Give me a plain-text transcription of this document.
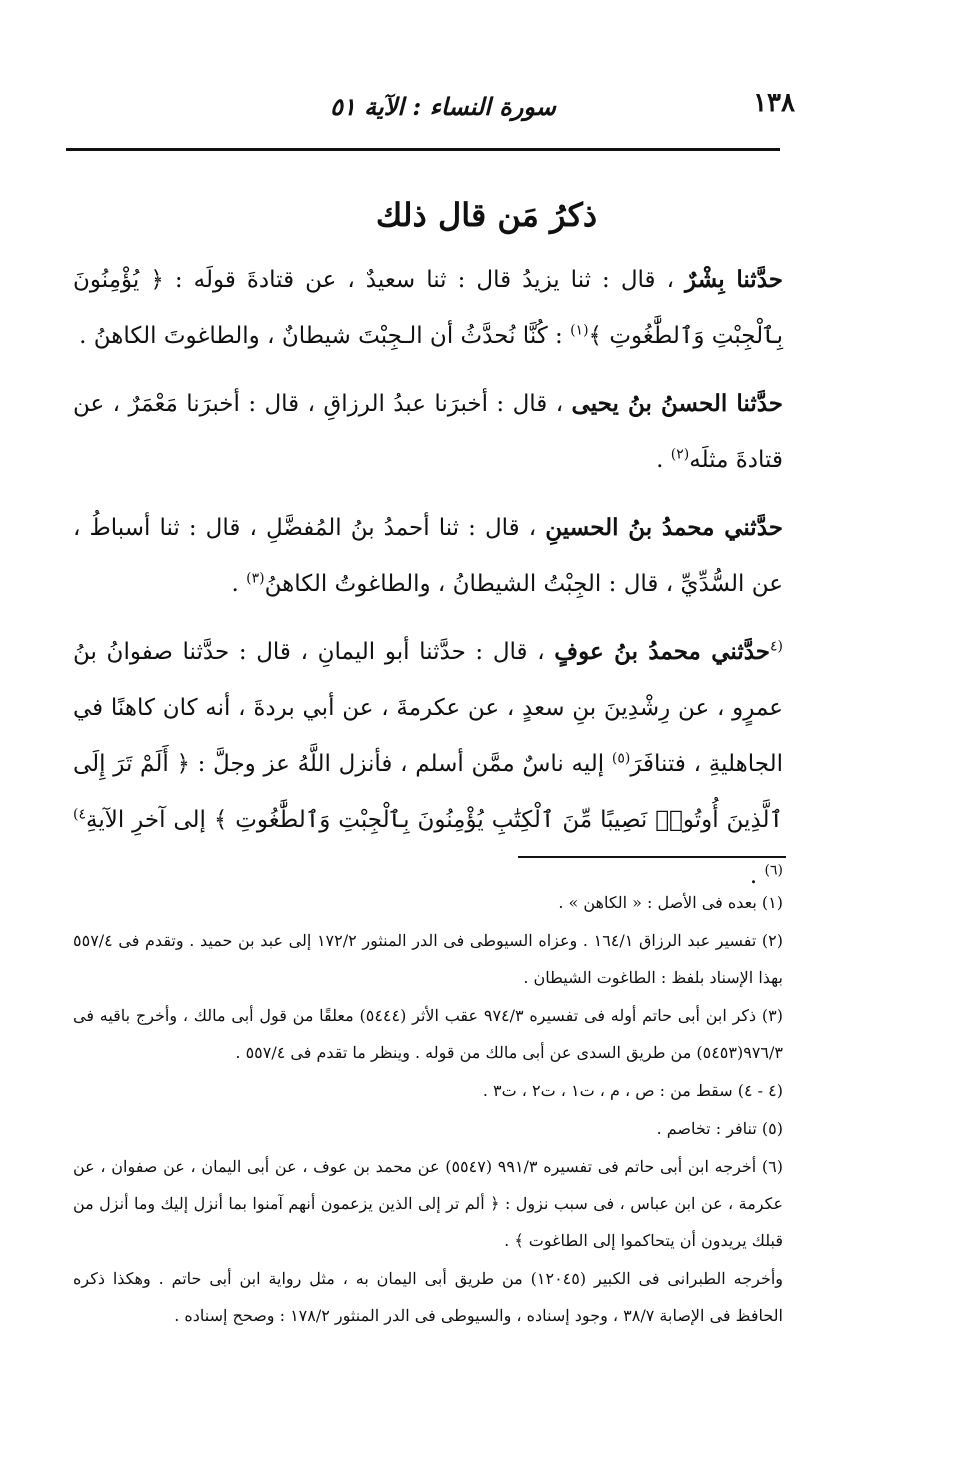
١٣٨
سورة النساء : الآية ٥١
ذكرُ مَن قال ذلك

حدَّثنا بِشْرٌ ، قال : ثنا يزيدُ قال : ثنا سعيدٌ ، عن قتادةَ قولَه : ﴿ يُؤْمِنُونَ بِٱلْجِبْتِ وَٱلطَّٰغُوتِ ﴾$^{(١)}$ : كُنَّا نُحدَّثُ أن الـجِبْتَ شيطانٌ ، والطاغوتَ الكاهنُ .

حدَّثنا الحسنُ بنُ يحيى ، قال : أخبرَنا عبدُ الرزاقِ ، قال : أخبرَنا مَعْمَرٌ ، عن قتادةَ مثلَه$^{(٢)}$ .

حدَّثني محمدُ بنُ الحسينِ ، قال : ثنا أحمدُ بنُ المُفضَّلِ ، قال : ثنا أسباطُ ، عن السُّدِّيِّ ، قال : الجِبْتُ الشيطانُ ، والطاغوتُ الكاهنُ$^{(٣)}$ .

$^{(٤}$حدَّثني محمدُ بنُ عوفٍ ، قال : حدَّثنا أبو اليمانِ ، قال : حدَّثنا صفوانُ بنُ عمرٍو ، عن رِشْدِينَ بنِ سعدٍ ، عن عكرمةَ ، عن أبي بردةَ ، أنه كان كاهنًا في الجاهليةِ ، فتنافَرَ$^{(٥)}$ إليه ناسٌ ممَّن أسلم ، فأنزل اللَّهُ عز وجلَّ : ﴿ أَلَمْ تَرَ إِلَى ٱلَّذِينَ أُوتُوا۟ نَصِيبًا مِّنَ ٱلْكِتَٰبِ يُؤْمِنُونَ بِٱلْجِبْتِ وَٱلطَّٰغُوتِ ﴾ إلى آخرِ الآيةِ$^{٤)(٦)}$ .

(١) بعده فى الأصل : « الكاهن » .
(٢) تفسير عبد الرزاق ١٦٤/١ . وعزاه السيوطى فى الدر المنثور ١٧٢/٢ إلى عبد بن حميد . وتقدم فى ٥٥٧/٤ بهذا الإسناد بلفظ : الطاغوت الشيطان .
(٣) ذكر ابن أبى حاتم أوله فى تفسيره ٩٧٤/٣ عقب الأثر (٥٤٤٤) معلقًا من قول أبى مالك ، وأخرج باقيه فى ٩٧٦/٣(٥٤٥٣) من طريق السدى عن أبى مالك من قوله . وينظر ما تقدم فى ٥٥٧/٤ .
(٤ - ٤) سقط من : ص ، م ، ت١ ، ت٢ ، ت٣ .
(٥) تنافر : تخاصم .
(٦) أخرجه ابن أبى حاتم فى تفسيره ٩٩١/٣ (٥٥٤٧) عن محمد بن عوف ، عن أبى اليمان ، عن صفوان ، عن عكرمة ، عن ابن عباس ، فى سبب نزول : ﴿ ألم تر إلى الذين يزعمون أنهم آمنوا بما أنزل إليك وما أنزل من قبلك يريدون أن يتحاكموا إلى الطاغوت ﴾ .
وأخرجه الطبرانى فى الكبير (١٢٠٤٥) من طريق أبى اليمان به ، مثل رواية ابن أبى حاتم . وهكذا ذكره الحافظ فى الإصابة ٣٨/٧ ، وجود إسناده ، والسيوطى فى الدر المنثور ١٧٨/٢ : وصحح إسناده .
